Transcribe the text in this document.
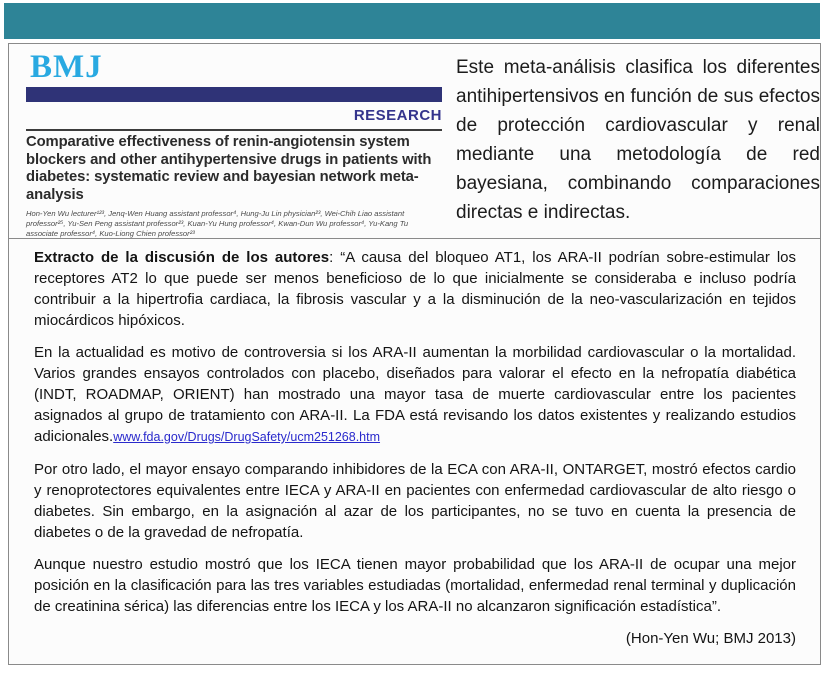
BMJ
RESEARCH
Comparative effectiveness of renin-angiotensin system blockers and other antihypertensive drugs in patients with diabetes: systematic review and bayesian network meta-analysis
Hon-Yen Wu lecturer¹²³, Jenq-Wen Huang assistant professor⁴, Hung-Ju Lin physician²³, Wei-Chih Liao assistant professor²⁵, Yu-Sen Peng assistant professor²³, Kuan-Yu Hung professor⁴, Kwan-Dun Wu professor⁴, Yu-Kang Tu associate professor⁴, Kuo-Liong Chien professor²³
Este meta-análisis clasifica los diferentes antihipertensivos en función de sus efectos de protección cardiovascular y renal mediante una metodología de red bayesiana, combinando comparaciones directas e indirectas.

Extracto de la discusión de los autores: “A causa del bloqueo AT1, los ARA-II podrían sobre-estimular los receptores AT2 lo que puede ser menos beneficioso de lo que inicialmente se consideraba e incluso podría contribuir a la hipertrofia cardiaca, la fibrosis vascular y a la disminución de la neo-vascularización en tejidos miocárdicos hipóxicos.

En la actualidad es motivo de controversia si los ARA-II aumentan la morbilidad cardiovascular o la mortalidad. Varios grandes ensayos controlados con placebo, diseñados para valorar el efecto en la nefropatía diabética (INDT, ROADMAP, ORIENT) han mostrado una mayor tasa de muerte cardiovascular entre los pacientes asignados al grupo de tratamiento con ARA-II. La FDA está revisando los datos existentes y realizando estudios adicionales.www.fda.gov/Drugs/DrugSafety/ucm251268.htm

Por otro lado, el mayor ensayo comparando inhibidores de la ECA con ARA-II, ONTARGET, mostró efectos cardio y renoprotectores equivalentes entre IECA y ARA-II en pacientes con enfermedad cardiovascular de alto riesgo o diabetes. Sin embargo, en la asignación al azar de los participantes, no se tuvo en cuenta la presencia de diabetes o de la gravedad de nefropatía.

Aunque nuestro estudio mostró que los IECA tienen mayor probabilidad que los ARA-II de ocupar una mejor posición en la clasificación para las tres variables estudiadas (mortalidad, enfermedad renal terminal y duplicación de creatinina sérica) las diferencias entre los IECA y los ARA-II no alcanzaron significación estadística”.

(Hon-Yen Wu; BMJ 2013)
